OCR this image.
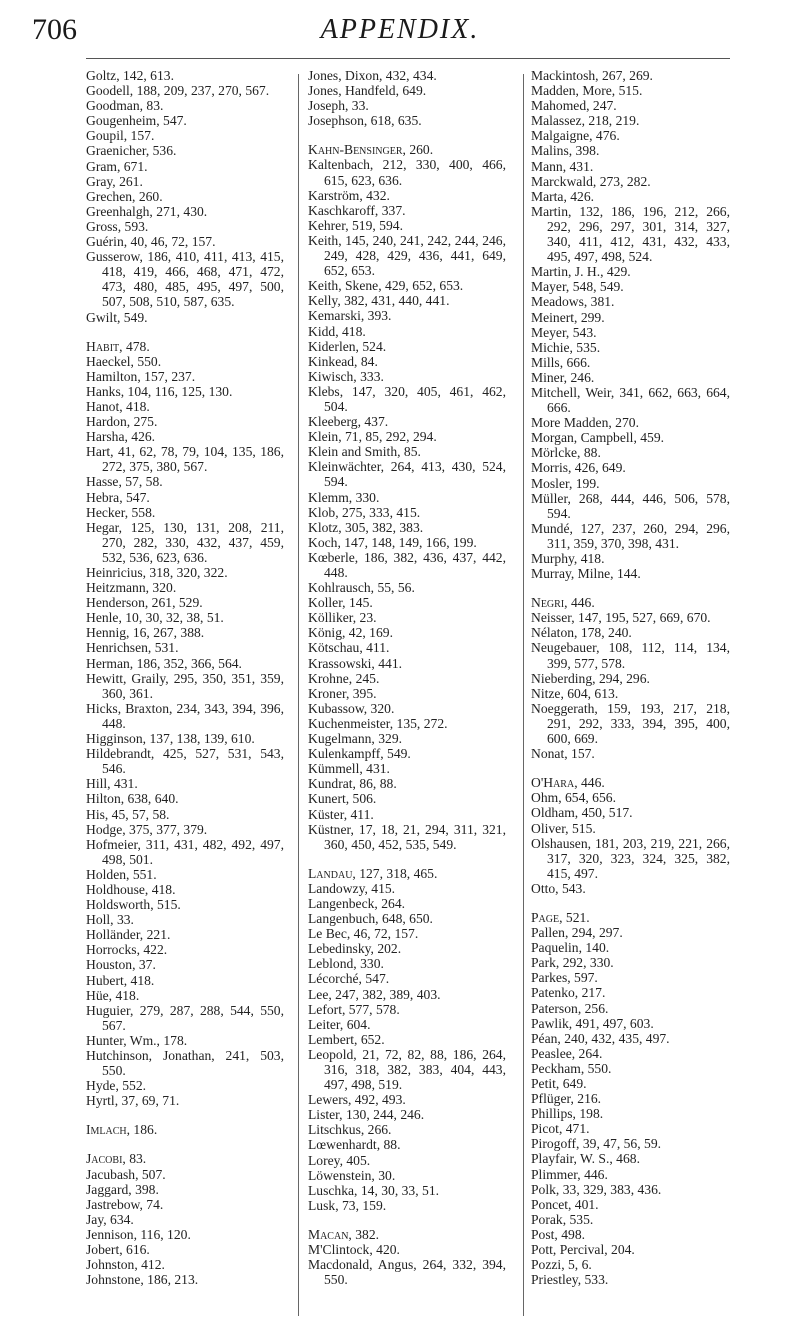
706	APPENDIX.
Goltz, 142, 613.
Goodell, 188, 209, 237, 270, 567.
Goodman, 83.
Gougenheim, 547.
Goupil, 157.
Graenicher, 536.
Gram, 671.
Gray, 261.
Grechen, 260.
Greenhalgh, 271, 430.
Gross, 593.
Guérin, 40, 46, 72, 157.
Gusserow, 186, 410, 411, 413, 415, 418, 419, 466, 468, 471, 472, 473, 480, 485, 495, 497, 500, 507, 508, 510, 587, 635.
Gwilt, 549.
Habit, 478.
Haeckel, 550.
Hamilton, 157, 237.
Hanks, 104, 116, 125, 130.
Hanot, 418.
Hardon, 275.
Harsha, 426.
Hart, 41, 62, 78, 79, 104, 135, 186, 272, 375, 380, 567.
Hasse, 57, 58.
Hebra, 547.
Hecker, 558.
Hegar, 125, 130, 131, 208, 211, 270, 282, 330, 432, 437, 459, 532, 536, 623, 636.
Heinricius, 318, 320, 322.
Heitzmann, 320.
Henderson, 261, 529.
Henle, 10, 30, 32, 38, 51.
Hennig, 16, 267, 388.
Henrichsen, 531.
Herman, 186, 352, 366, 564.
Hewitt, Graily, 295, 350, 351, 359, 360, 361.
Hicks, Braxton, 234, 343, 394, 396, 448.
Higginson, 137, 138, 139, 610.
Hildebrandt, 425, 527, 531, 543, 546.
Hill, 431.
Hilton, 638, 640.
His, 45, 57, 58.
Hodge, 375, 377, 379.
Hofmeier, 311, 431, 482, 492, 497, 498, 501.
Holden, 551.
Holdhouse, 418.
Holdsworth, 515.
Holl, 33.
Holländer, 221.
Horrocks, 422.
Houston, 37.
Hubert, 418.
Hüe, 418.
Huguier, 279, 287, 288, 544, 550, 567.
Hunter, Wm., 178.
Hutchinson, Jonathan, 241, 503, 550.
Hyde, 552.
Hyrtl, 37, 69, 71.
Imlach, 186.
Jacobi, 83.
Jacubash, 507.
Jaggard, 398.
Jastrebow, 74.
Jay, 634.
Jennison, 116, 120.
Jobert, 616.
Johnston, 412.
Johnstone, 186, 213.
Jones, Dixon, 432, 434.
Jones, Handfeld, 649.
Joseph, 33.
Josephson, 618, 635.
Kahn-Bensinger, 260.
Kaltenbach, 212, 330, 400, 466, 615, 623, 636.
Karström, 432.
Kaschkaroff, 337.
Kehrer, 519, 594.
Keith, 145, 240, 241, 242, 244, 246, 249, 428, 429, 436, 441, 649, 652, 653.
Keith, Skene, 429, 652, 653.
Kelly, 382, 431, 440, 441.
Kemarski, 393.
Kidd, 418.
Kiderlen, 524.
Kinkead, 84.
Kiwisch, 333.
Klebs, 147, 320, 405, 461, 462, 504.
Kleeberg, 437.
Klein, 71, 85, 292, 294.
Klein and Smith, 85.
Kleinwächter, 264, 413, 430, 524, 594.
Klemm, 330.
Klob, 275, 333, 415.
Klotz, 305, 382, 383.
Koch, 147, 148, 149, 166, 199.
Kœberle, 186, 382, 436, 437, 442, 448.
Kohlrausch, 55, 56.
Koller, 145.
Kölliker, 23.
König, 42, 169.
Kötschau, 411.
Krassowski, 441.
Krohne, 245.
Kroner, 395.
Kubassow, 320.
Kuchenmeister, 135, 272.
Kugelmann, 329.
Kulenkampff, 549.
Kümmell, 431.
Kundrat, 86, 88.
Kunert, 506.
Küster, 411.
Küstner, 17, 18, 21, 294, 311, 321, 360, 450, 452, 535, 549.
Landau, 127, 318, 465.
Landowzy, 415.
Langenbeck, 264.
Langenbuch, 648, 650.
Le Bec, 46, 72, 157.
Lebedinsky, 202.
Leblond, 330.
Lécorché, 547.
Lee, 247, 382, 389, 403.
Lefort, 577, 578.
Leiter, 604.
Lembert, 652.
Leopold, 21, 72, 82, 88, 186, 264, 316, 318, 382, 383, 404, 443, 497, 498, 519.
Lewers, 492, 493.
Lister, 130, 244, 246.
Litschkus, 266.
Lœwenhardt, 88.
Lorey, 405.
Löwenstein, 30.
Luschka, 14, 30, 33, 51.
Lusk, 73, 159.
Macan, 382.
M'Clintock, 420.
Macdonald, Angus, 264, 332, 394, 550.
Mackintosh, 267, 269.
Madden, More, 515.
Mahomed, 247.
Malassez, 218, 219.
Malgaigne, 476.
Malins, 398.
Mann, 431.
Marckwald, 273, 282.
Marta, 426.
Martin, 132, 186, 196, 212, 266, 292, 296, 297, 301, 314, 327, 340, 411, 412, 431, 432, 433, 495, 497, 498, 524.
Martin, J. H., 429.
Mayer, 548, 549.
Meadows, 381.
Meinert, 299.
Meyer, 543.
Michie, 535.
Mills, 666.
Miner, 246.
Mitchell, Weir, 341, 662, 663, 664, 666.
More Madden, 270.
Morgan, Campbell, 459.
Mörlcke, 88.
Morris, 426, 649.
Mosler, 199.
Müller, 268, 444, 446, 506, 578, 594.
Mundé, 127, 237, 260, 294, 296, 311, 359, 370, 398, 431.
Murphy, 418.
Murray, Milne, 144.
Negri, 446.
Neisser, 147, 195, 527, 669, 670.
Nélaton, 178, 240.
Neugebauer, 108, 112, 114, 134, 399, 577, 578.
Nieberding, 294, 296.
Nitze, 604, 613.
Noeggerath, 159, 193, 217, 218, 291, 292, 333, 394, 395, 400, 600, 669.
Nonat, 157.
O'Hara, 446.
Ohm, 654, 656.
Oldham, 450, 517.
Oliver, 515.
Olshausen, 181, 203, 219, 221, 266, 317, 320, 323, 324, 325, 382, 415, 497.
Otto, 543.
Page, 521.
Pallen, 294, 297.
Paquelin, 140.
Park, 292, 330.
Parkes, 597.
Patenko, 217.
Paterson, 256.
Pawlik, 491, 497, 603.
Péan, 240, 432, 435, 497.
Peaslee, 264.
Peckham, 550.
Petit, 649.
Pflüger, 216.
Phillips, 198.
Picot, 471.
Pirogoff, 39, 47, 56, 59.
Playfair, W. S., 468.
Plimmer, 446.
Polk, 33, 329, 383, 436.
Poncet, 401.
Porak, 535.
Post, 498.
Pott, Percival, 204.
Pozzi, 5, 6.
Priestley, 533.
